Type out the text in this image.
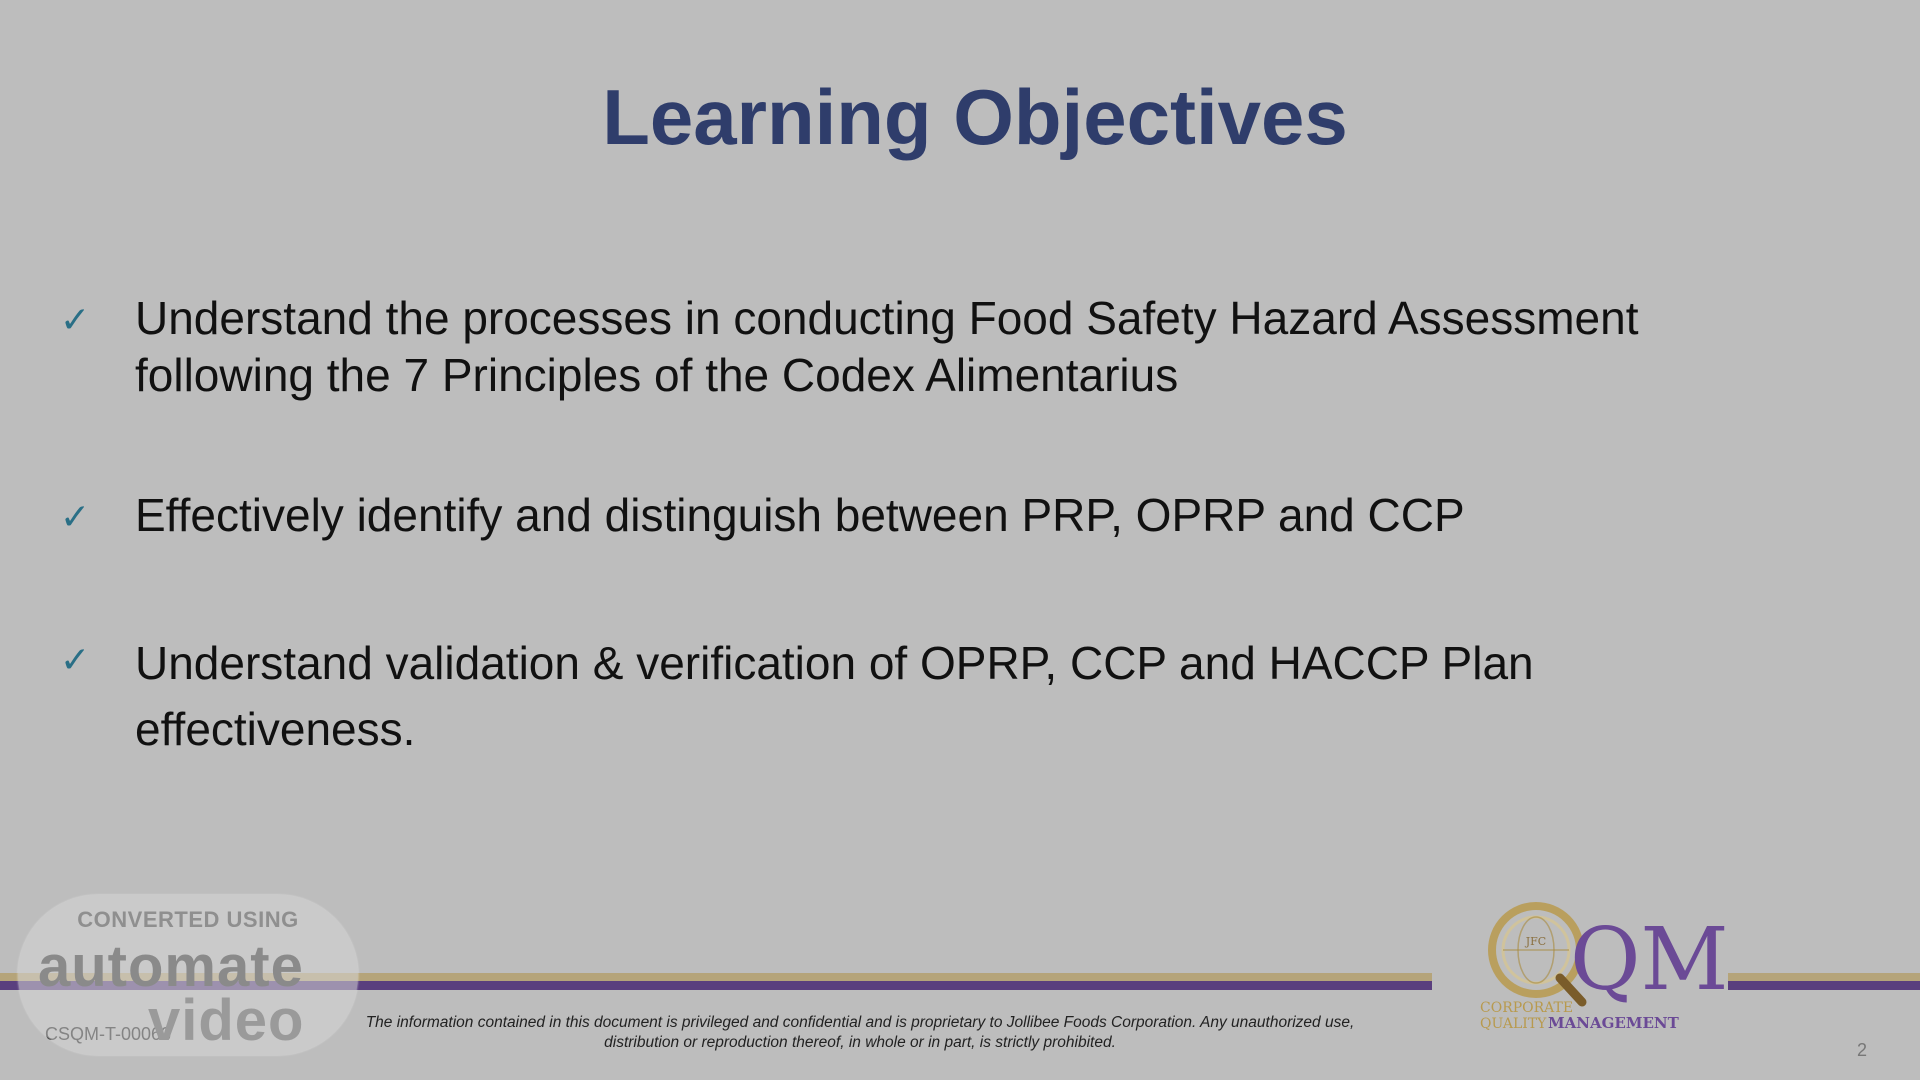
Learning Objectives
✓ Understand the processes in conducting Food Safety Hazard Assessment following the 7 Principles of the Codex Alimentarius
✓ Effectively identify and distinguish between PRP, OPRP and CCP
✓ Understand validation & verification of OPRP, CCP and HACCP Plan effectiveness.
JFC QM
CORPORATE
QUALITY MANAGEMENT
The information contained in this document is privileged and confidential and is proprietary to Jollibee Foods Corporation. Any unauthorized use,
distribution or reproduction thereof, in whole or in part, is strictly prohibited.	2
CONVERTED USING
automate
video
